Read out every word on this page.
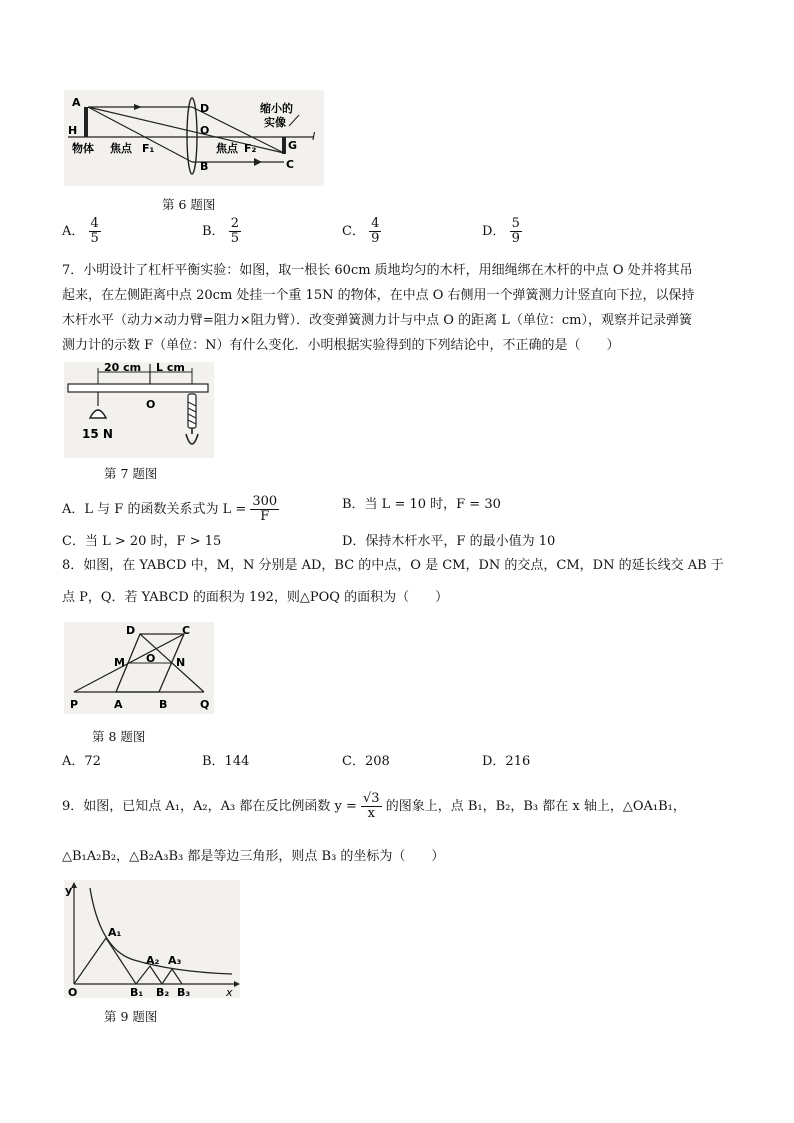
A
H
D
O
B
F₁	F₂	G
C
l
物体 焦点	焦点
缩小的
实像
第 6 题图
A． $\frac{4}{5}$	B． $\frac{2}{5}$	C． $\frac{4}{9}$	D． $\frac{5}{9}$
7．小明设计了杠杆平衡实验：如图，取一根长 60cm 质地均匀的木杆，用细绳绑在木杆的中点 O 处并将其吊
起来，在左侧距离中点 20cm 处挂一个重 15N 的物体，在中点 O 右侧用一个弹簧测力计竖直向下拉，以保持
木杆水平（动力×动力臂=阻力×阻力臂）．改变弹簧测力计与中点 O 的距离 L（单位：cm），观察并记录弹簧
测力计的示数 F（单位：N）有什么变化．小明根据实验得到的下列结论中，不正确的是（　　）
20 cm L cm
O
15 N
第 7 题图
A．L 与 F 的函数关系式为 $L = \frac{300}{F}$	B．当 L = 10 时，F = 30
C．当 L > 20 时，F > 15	D．保持木杆水平，F 的最小值为 10
8．如图，在 YABCD 中，M，N 分别是 AD，BC 的中点，O 是 CM，DN 的交点，CM，DN 的延长线交 AB 于
点 P，Q．若 YABCD 的面积为 192，则△POQ 的面积为（　　）
D	C
M O N
P	A	B	Q
第 8 题图
A．72	B．144	C．208	D．216
9．如图，已知点 A₁，A₂，A₃ 都在反比例函数 $y = \frac{√3}{x}$ 的图象上，点 B₁，B₂，B₃ 都在 x 轴上，△OA₁B₁，
△B₁A₂B₂，△B₂A₃B₃ 都是等边三角形，则点 B₃ 的坐标为（　　）
y
A₁
A₂ A₃
O	B₁ B₂ B₃	x
第 9 题图
